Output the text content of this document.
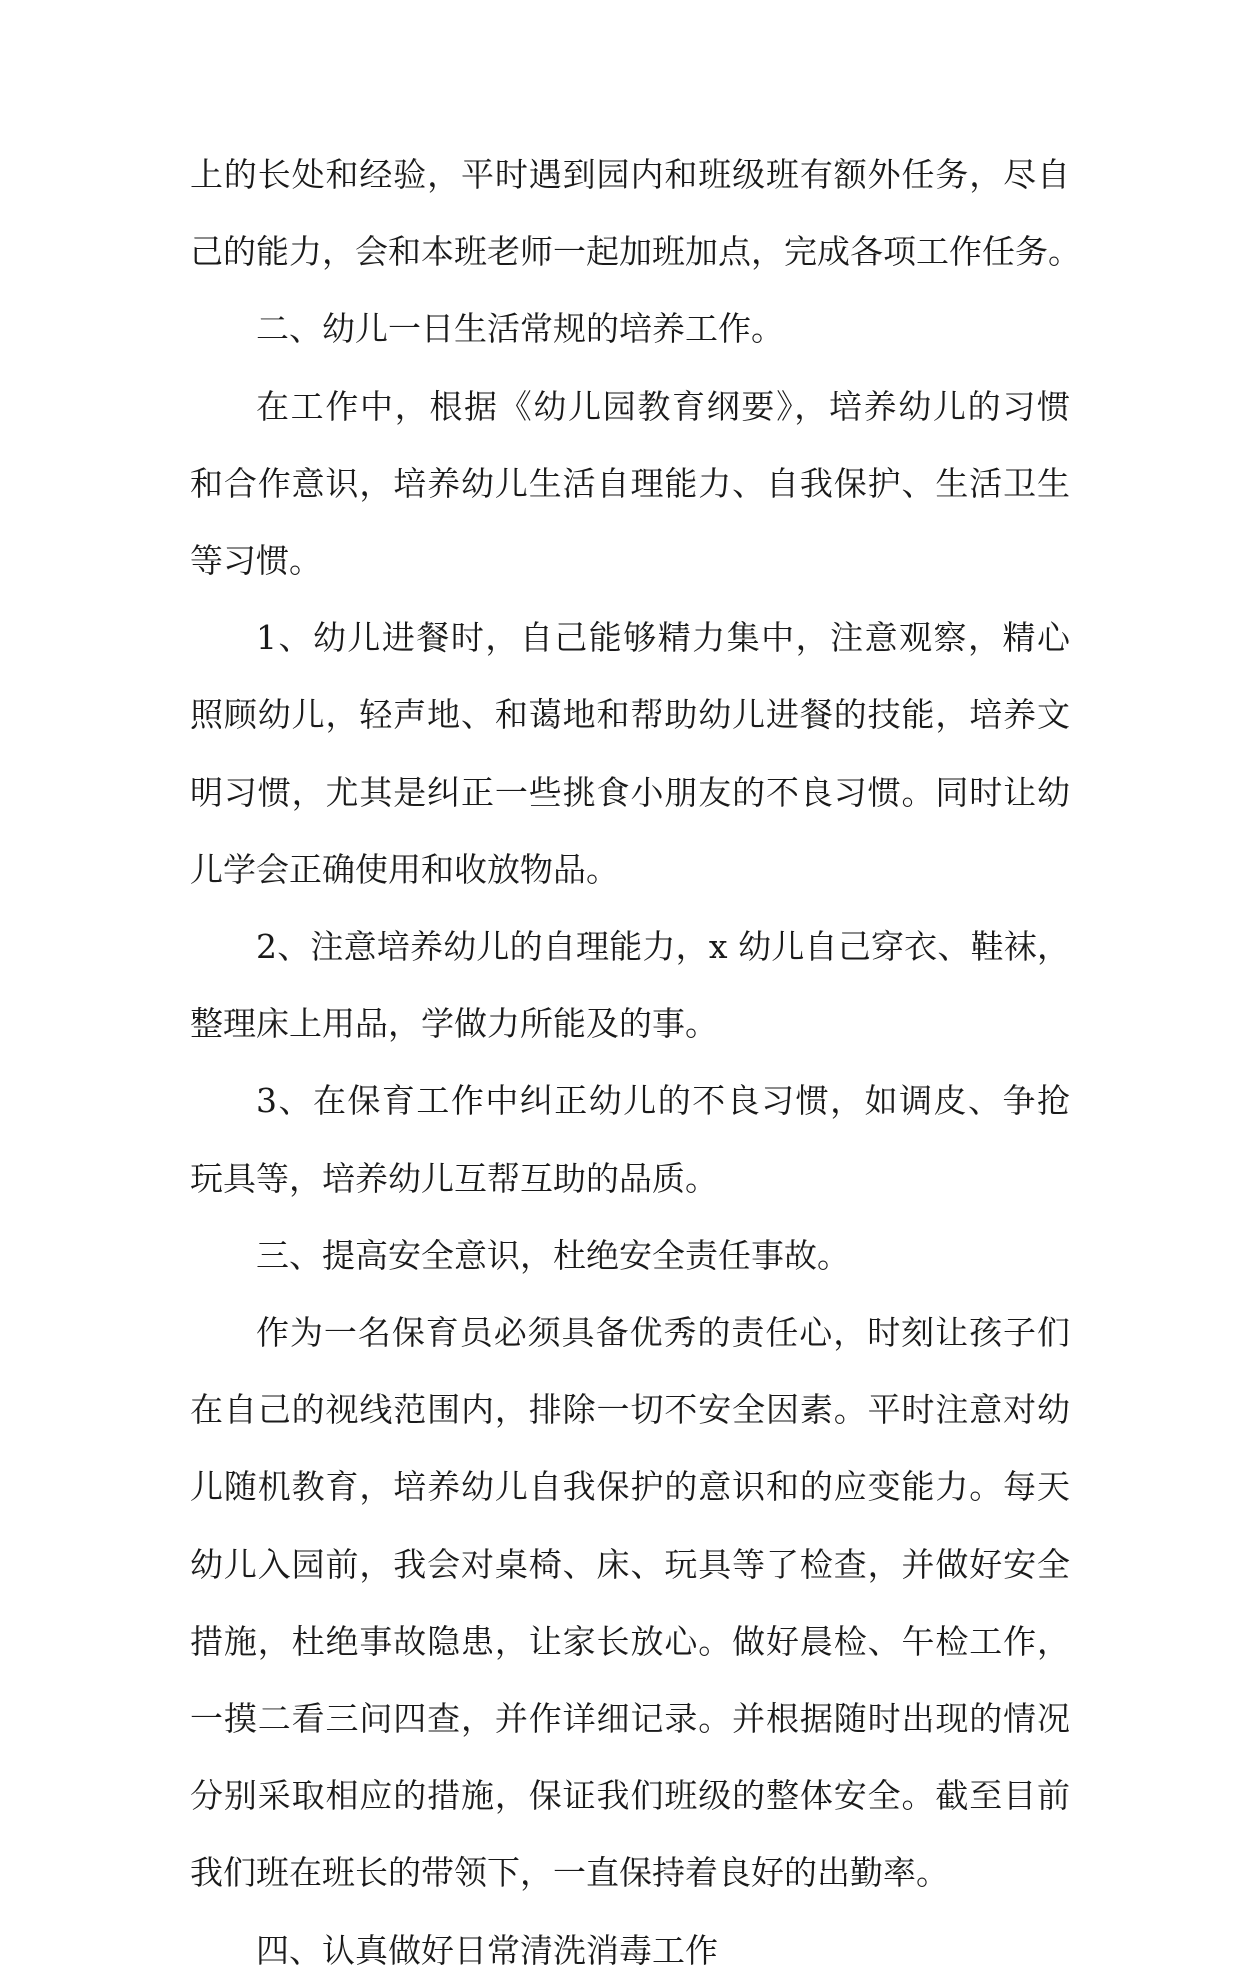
上的长处和经验，平时遇到园内和班级班有额外任务，尽自

己的能力，会和本班老师一起加班加点，完成各项工作任务。

二、幼儿一日生活常规的培养工作。

在工作中，根据《幼儿园教育纲要》，培养幼儿的习惯

和合作意识，培养幼儿生活自理能力、自我保护、生活卫生

等习惯。

1、幼儿进餐时，自己能够精力集中，注意观察，精心

照顾幼儿，轻声地、和蔼地和帮助幼儿进餐的技能，培养文

明习惯，尤其是纠正一些挑食小朋友的不良习惯。同时让幼

儿学会正确使用和收放物品。

2、注意培养幼儿的自理能力，x 幼儿自己穿衣、鞋袜，

整理床上用品，学做力所能及的事。

3、在保育工作中纠正幼儿的不良习惯，如调皮、争抢

玩具等，培养幼儿互帮互助的品质。

三、提高安全意识，杜绝安全责任事故。

作为一名保育员必须具备优秀的责任心，时刻让孩子们

在自己的视线范围内，排除一切不安全因素。平时注意对幼

儿随机教育，培养幼儿自我保护的意识和的应变能力。每天

幼儿入园前，我会对桌椅、床、玩具等了检查，并做好安全

措施，杜绝事故隐患，让家长放心。做好晨检、午检工作，

一摸二看三问四查，并作详细记录。并根据随时出现的情况

分别采取相应的措施，保证我们班级的整体安全。截至目前

我们班在班长的带领下，一直保持着良好的出勤率。

四、认真做好日常清洗消毒工作
